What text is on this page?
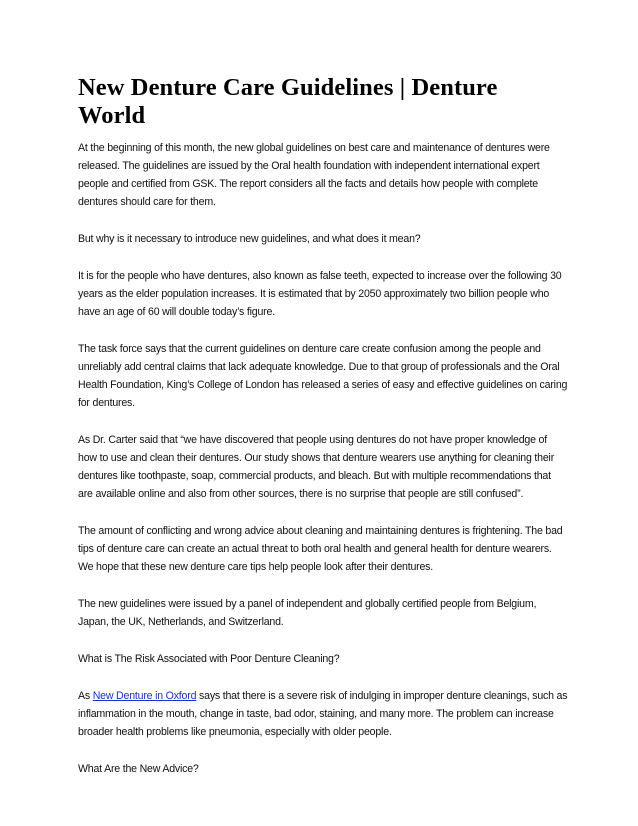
New Denture Care Guidelines | Denture World

At the beginning of this month, the new global guidelines on best care and maintenance of dentures were released. The guidelines are issued by the Oral health foundation with independent international expert people and certified from GSK. The report considers all the facts and details how people with complete dentures should care for them.

But why is it necessary to introduce new guidelines, and what does it mean?

It is for the people who have dentures, also known as false teeth, expected to increase over the following 30 years as the elder population increases. It is estimated that by 2050 approximately two billion people who have an age of 60 will double today’s figure.

The task force says that the current guidelines on denture care create confusion among the people and unreliably add central claims that lack adequate knowledge. Due to that group of professionals and the Oral Health Foundation, King’s College of London has released a series of easy and effective guidelines on caring for dentures.

As Dr. Carter said that “we have discovered that people using dentures do not have proper knowledge of how to use and clean their dentures. Our study shows that denture wearers use anything for cleaning their dentures like toothpaste, soap, commercial products, and bleach. But with multiple recommendations that are available online and also from other sources, there is no surprise that people are still confused”.

The amount of conflicting and wrong advice about cleaning and maintaining dentures is frightening. The bad tips of denture care can create an actual threat to both oral health and general health for denture wearers. We hope that these new denture care tips help people look after their dentures.

The new guidelines were issued by a panel of independent and globally certified people from Belgium, Japan, the UK, Netherlands, and Switzerland.

What is The Risk Associated with Poor Denture Cleaning?

As New Denture in Oxford says that there is a severe risk of indulging in improper denture cleanings, such as inflammation in the mouth, change in taste, bad odor, staining, and many more. The problem can increase broader health problems like pneumonia, especially with older people.

What Are the New Advice?
